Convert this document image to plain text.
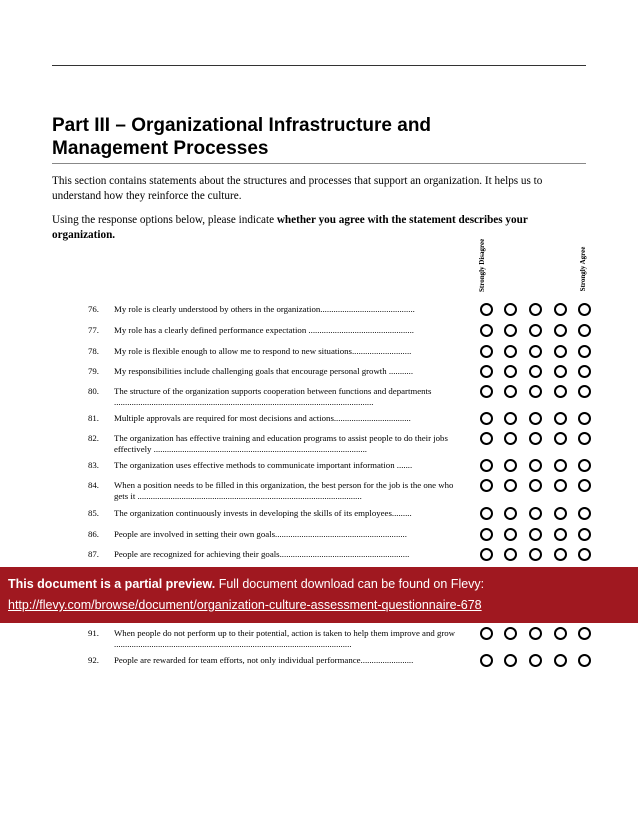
Part III – Organizational Infrastructure and
Management Processes
This section contains statements about the structures and processes that support an organization. It helps us to understand how they reinforce the culture.
Using the response options below, please indicate whether you agree with the statement describes your organization.
Strongly Disagree	Strongly Agree
76. My role is clearly understood by others in the organization...........................................
77. My role has a clearly defined performance expectation ................................................
78. My role is flexible enough to allow me to respond to new situations...........................
79. My responsibilities include challenging goals that encourage personal growth ...........
80. The structure of the organization supports cooperation between functions and departments ......................................................................................................................
81. Multiple approvals are required for most decisions and actions...................................
82. The organization has effective training and education programs to assist people to do their jobs effectively .................................................................................................
83. The organization uses effective methods to communicate important information .......
84. When a position needs to be filled in this organization, the best person for the job is the one who gets it ......................................................................................................
85. The organization continuously invests in developing the skills of its employees.........
86. People are involved in setting their own goals............................................................
87. People are recognized for achieving their goals...........................................................
91. When people do not perform up to their potential, action is taken to help them improve and grow ............................................................................................................
92. People are rewarded for team efforts, not only individual performance........................
This document is a partial preview. Full document download can be found on Flevy:
http://flevy.com/browse/document/organization-culture-assessment-questionnaire-678
